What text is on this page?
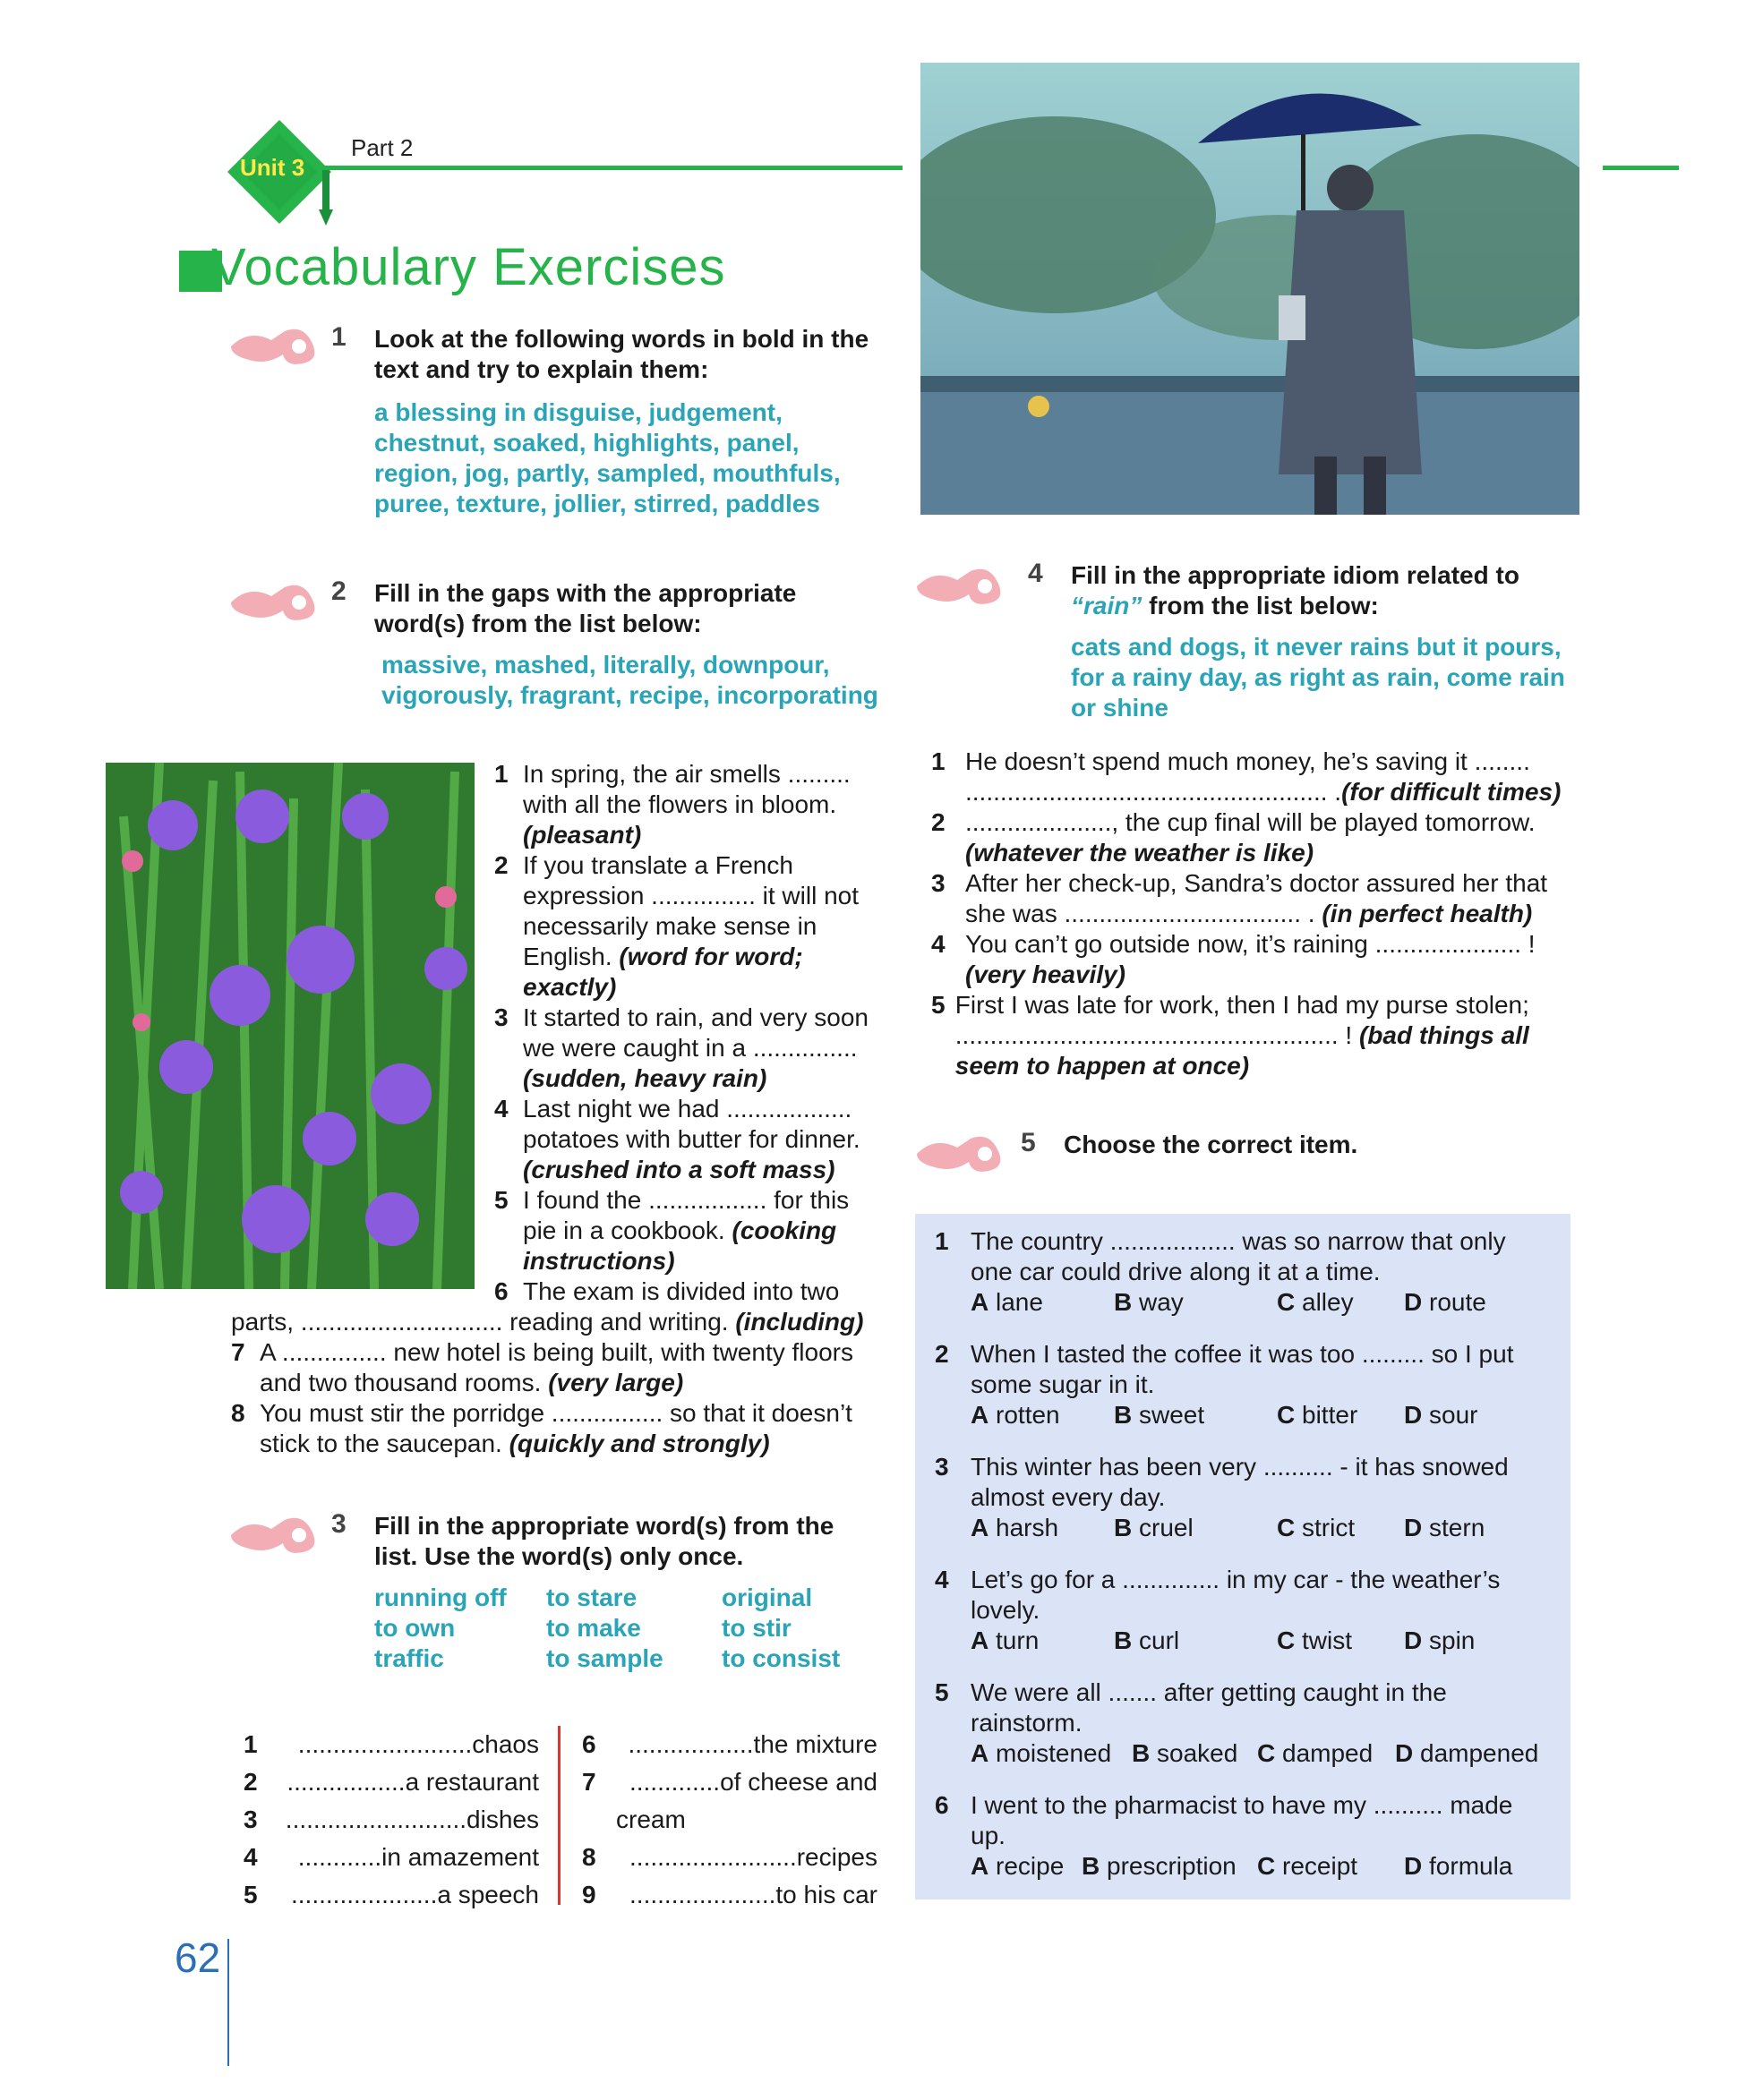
Unit 3
Part 2
Vocabulary Exercises
1 Look at the following words in bold in the text and try to explain them:
a blessing in disguise, judgement, chestnut, soaked, highlights, panel, region, jog, partly, sampled, mouthfuls, puree, texture, jollier, stirred, paddles
2 Fill in the gaps with the appropriate word(s) from the list below:
massive, mashed, literally, downpour, vigorously, fragrant, recipe, incorporating
1 In spring, the air smells .........
with all the flowers in bloom.
(pleasant)
2 If you translate a French
expression ............... it will not
necessarily make sense in
English. (word for word; exactly)
3 It started to rain, and very soon
we were caught in a ...............
(sudden, heavy rain)
4 Last night we had ..................
potatoes with butter for dinner.
(crushed into a soft mass)
5 I found the ................. for this
pie in a cookbook. (cooking instructions)
6 The exam is divided into two
parts, ............................. reading and writing. (including)
7 A ............... new hotel is being built, with twenty floors
and two thousand rooms. (very large)
8 You must stir the porridge ................ so that it doesn’t
stick to the saucepan. (quickly and strongly)
3 Fill in the appropriate word(s) from the list. Use the word(s) only once.
running off	to stare	original
to own	to make	to stir
traffic	to sample	to consist
1 .........................chaos
2 .................a restaurant
3 ..........................dishes
4 ............in amazement
5 .....................a speech
6 ..................the mixture
7 .............of cheese and
cream
8 ........................recipes
9 .....................to his car
4 Fill in the appropriate idiom related to
“rain” from the list below:
cats and dogs, it never rains but it pours, for a rainy day, as right as rain, come rain or shine
1 He doesn’t spend much money, he’s saving it ........
.................................................... .(for difficult times)
2 ....................., the cup final will be played tomorrow.
(whatever the weather is like)
3 After her check-up, Sandra’s doctor assured her that
she was .................................. . (in perfect health)
4 You can’t go outside now, it’s raining ..................... !
(very heavily)
5 First I was late for work, then I had my purse stolen;
....................................................... ! (bad things all seem to happen at once)
5 Choose the correct item.
1 The country .................. was so narrow that only
one car could drive along it at a time.
A lane	B way	C alley	D route
2 When I tasted the coffee it was too ......... so I put
some sugar in it.
A rotten	B sweet	C bitter	D sour
3 This winter has been very .......... - it has snowed
almost every day.
A harsh	B cruel	C strict	D stern
4 Let’s go for a .............. in my car - the weather’s
lovely.
A turn	B curl	C twist	D spin
5 We were all ....... after getting caught in the
rainstorm.
A moistened B soaked C damped D dampened
6 I went to the pharmacist to have my .......... made
up.
A recipe B prescription C receipt	D formula
62
